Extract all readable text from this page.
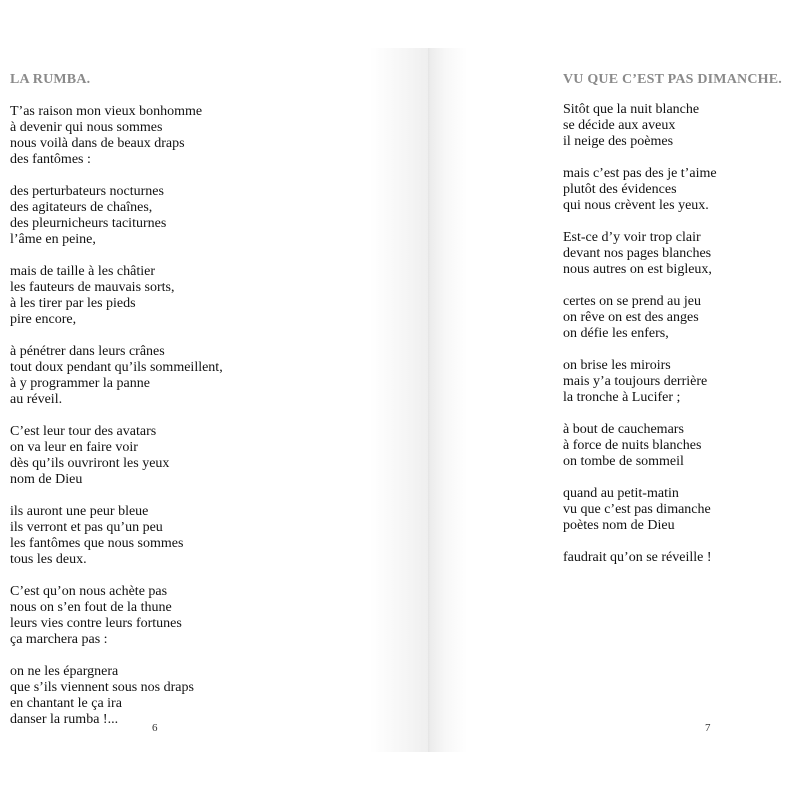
LA RUMBA.
T’as raison mon vieux bonhomme
à devenir qui nous sommes
nous voilà dans de beaux draps
des fantômes :
des perturbateurs nocturnes
des agitateurs de chaînes,
des pleurnicheurs taciturnes
l’âme en peine,
mais de taille à les châtier
les fauteurs de mauvais sorts,
à les tirer par les pieds
pire encore,
à pénétrer dans leurs crânes
tout doux pendant qu’ils sommeillent,
à y programmer la panne
au réveil.
C’est leur tour des avatars
on va leur en faire voir
dès qu’ils ouvriront les yeux
nom de Dieu
ils auront une peur bleue
ils verront et pas qu’un peu
les fantômes que nous sommes
tous les deux.
C’est qu’on nous achète pas
nous on s’en fout de la thune
leurs vies contre leurs fortunes
ça marchera pas :
on ne les épargnera
que s’ils viennent sous nos draps
en chantant le ça ira
danser la rumba !...
6
VU QUE C’EST PAS DIMANCHE.
Sitôt que la nuit blanche
se décide aux aveux
il neige des poèmes
mais c’est pas des je t’aime
plutôt des évidences
qui nous crèvent les yeux.
Est-ce d’y voir trop clair
devant nos pages blanches
nous autres on est bigleux,
certes on se prend au jeu
on rêve on est des anges
on défie les enfers,
on brise les miroirs
mais y’a toujours derrière
la tronche à Lucifer ;
à bout de cauchemars
à force de nuits blanches
on tombe de sommeil
quand au petit-matin
vu que c’est pas dimanche
poètes nom de Dieu
faudrait qu’on se réveille !
7
